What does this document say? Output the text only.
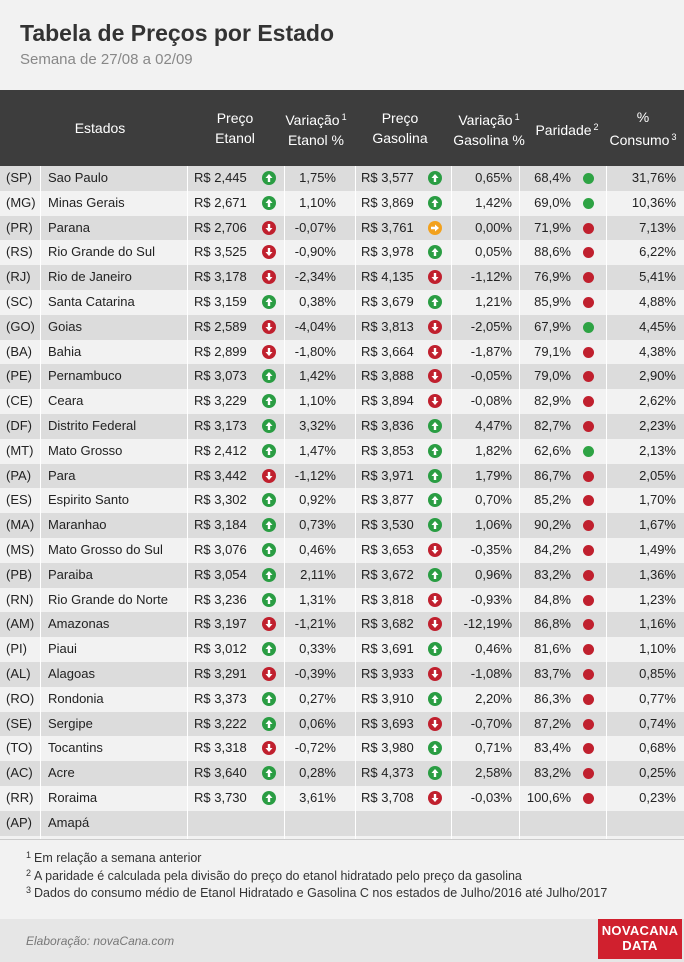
Tabela de Preços por Estado
Semana de 27/08 a 02/09
Estados
Preço
Etanol
Variação $^1$
Etanol %
Preço
Gasolina
Variação $^1$
Gasolina %
Paridade $^2$
%
Consumo $^3$
(SP) Sao Paulo	R$ 2,445	1,75% R$ 3,577	0,65%	68,4%	31,76%
(MG) Minas Gerais	R$ 2,671	1,10% R$ 3,869	1,42%	69,0%	10,36%
(PR) Parana	R$ 2,706	-0,07% R$ 3,761	0,00%	71,9%	7,13%
(RS) Rio Grande do Sul	R$ 3,525	-0,90% R$ 3,978	0,05%	88,6%	6,22%
(RJ) Rio de Janeiro	R$ 3,178	-2,34% R$ 4,135	-1,12%	76,9%	5,41%
(SC) Santa Catarina	R$ 3,159	0,38% R$ 3,679	1,21%	85,9%	4,88%
(GO) Goias	R$ 2,589	-4,04% R$ 3,813	-2,05%	67,9%	4,45%
(BA) Bahia	R$ 2,899	-1,80% R$ 3,664	-1,87%	79,1%	4,38%
(PE) Pernambuco	R$ 3,073	1,42% R$ 3,888	-0,05%	79,0%	2,90%
(CE) Ceara	R$ 3,229	1,10% R$ 3,894	-0,08%	82,9%	2,62%
(DF) Distrito Federal	R$ 3,173	3,32% R$ 3,836	4,47%	82,7%	2,23%
(MT) Mato Grosso	R$ 2,412	1,47% R$ 3,853	1,82%	62,6%	2,13%
(PA) Para	R$ 3,442	-1,12% R$ 3,971	1,79%	86,7%	2,05%
(ES) Espirito Santo	R$ 3,302	0,92% R$ 3,877	0,70%	85,2%	1,70%
(MA) Maranhao	R$ 3,184	0,73% R$ 3,530	1,06%	90,2%	1,67%
(MS) Mato Grosso do Sul R$ 3,076	0,46% R$ 3,653	-0,35%	84,2%	1,49%
(PB) Paraiba	R$ 3,054	2,11% R$ 3,672	0,96%	83,2%	1,36%
(RN) Rio Grande do Norte R$ 3,236	1,31% R$ 3,818	-0,93%	84,8%	1,23%
(AM) Amazonas	R$ 3,197	-1,21% R$ 3,682	-12,19%	86,8%	1,16%
(PI) Piaui	R$ 3,012	0,33% R$ 3,691	0,46%	81,6%	1,10%
(AL) Alagoas	R$ 3,291	-0,39% R$ 3,933	-1,08%	83,7%	0,85%
(RO) Rondonia	R$ 3,373	0,27% R$ 3,910	2,20%	86,3%	0,77%
(SE) Sergipe	R$ 3,222	0,06% R$ 3,693	-0,70%	87,2%	0,74%
(TO) Tocantins	R$ 3,318	-0,72% R$ 3,980	0,71%	83,4%	0,68%
(AC) Acre	R$ 3,640	0,28% R$ 4,373	2,58%	83,2%	0,25%
(RR) Roraima	R$ 3,730	3,61% R$ 3,708	-0,03%	100,6%	0,23%
(AP) Amapá
$^1$ Em relação a semana anterior
$^2$ A paridade é calculada pela divisão do preço do etanol hidratado pelo preço da gasolina
$^3$ Dados do consumo médio de Etanol Hidratado e Gasolina C nos estados de Julho/2016 até Julho/2017
Elaboração: novaCana.com
NOVACANA
DATA
